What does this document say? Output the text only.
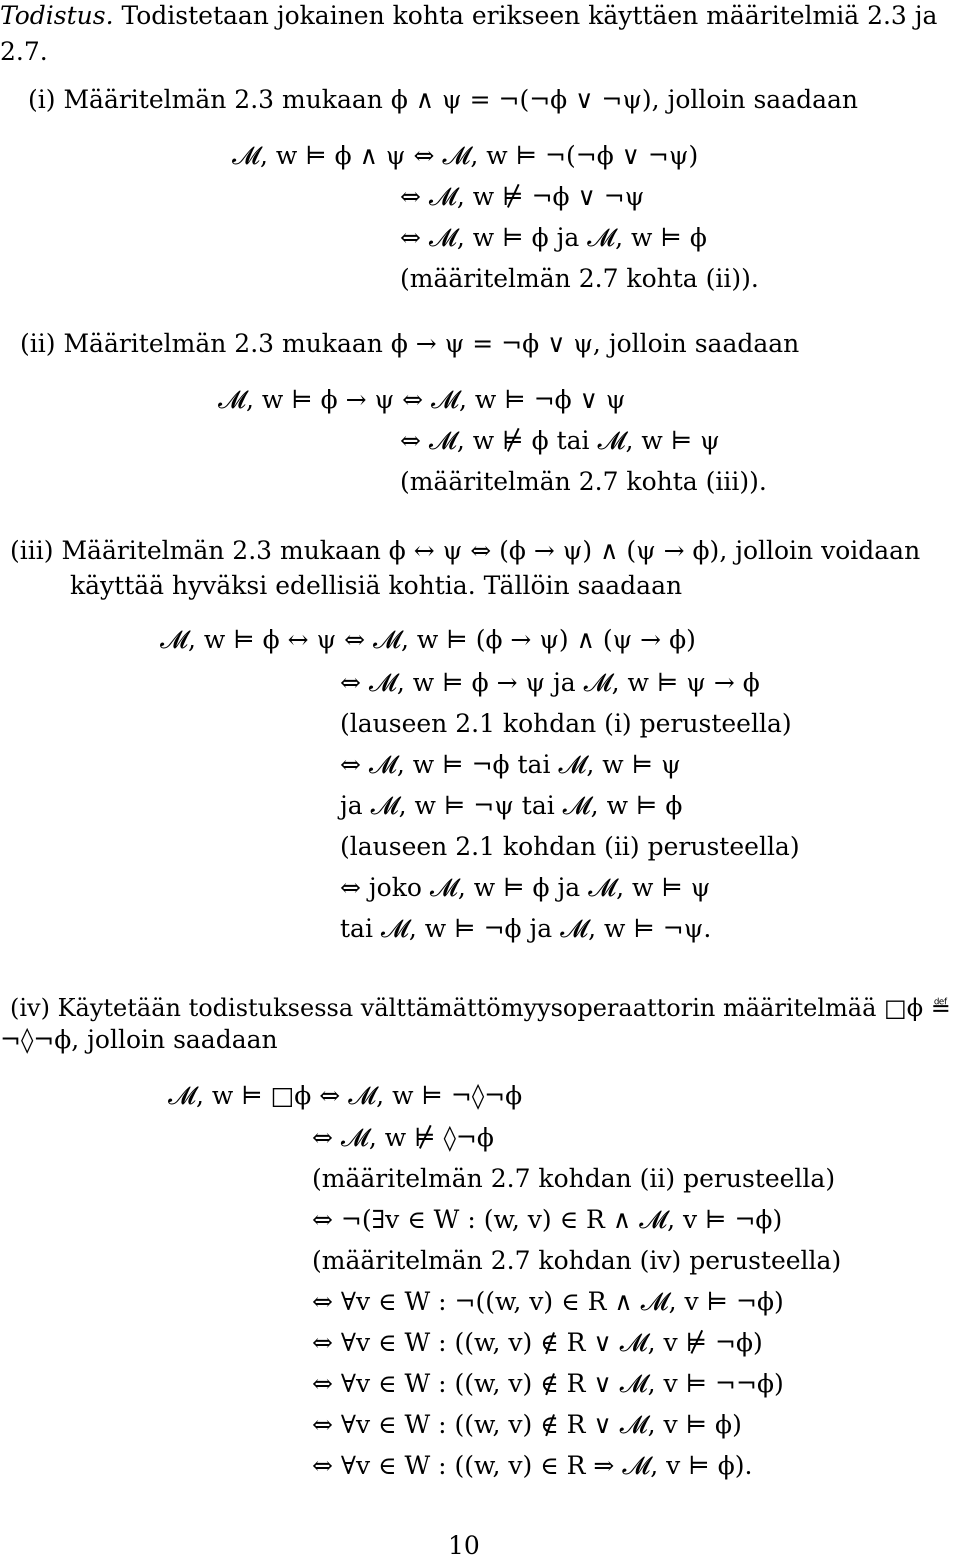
Todistus. Todistetaan jokainen kohta erikseen käyttäen määritelmiä 2.3 ja
2.7.
(i) Määritelmän 2.3 mukaan ϕ ∧ ψ = ¬(¬ϕ ∨ ¬ψ), jolloin saadaan
𝓜, w ⊨ ϕ ∧ ψ ⇔ 𝓜, w ⊨ ¬(¬ϕ ∨ ¬ψ)
⇔ 𝓜, w ⊭ ¬ϕ ∨ ¬ψ
⇔ 𝓜, w ⊨ ϕ ja 𝓜, w ⊨ ϕ
(määritelmän 2.7 kohta (ii)).
(ii) Määritelmän 2.3 mukaan ϕ → ψ = ¬ϕ ∨ ψ, jolloin saadaan
𝓜, w ⊨ ϕ → ψ ⇔ 𝓜, w ⊨ ¬ϕ ∨ ψ
⇔ 𝓜, w ⊭ ϕ tai 𝓜, w ⊨ ψ
(määritelmän 2.7 kohta (iii)).
(iii) Määritelmän 2.3 mukaan ϕ ↔ ψ ⇔ (ϕ → ψ) ∧ (ψ → ϕ), jolloin voidaan
käyttää hyväksi edellisiä kohtia. Tällöin saadaan
𝓜, w ⊨ ϕ ↔ ψ ⇔ 𝓜, w ⊨ (ϕ → ψ) ∧ (ψ → ϕ)
⇔ 𝓜, w ⊨ ϕ → ψ ja 𝓜, w ⊨ ψ → ϕ
(lauseen 2.1 kohdan (i) perusteella)
⇔ 𝓜, w ⊨ ¬ϕ tai 𝓜, w ⊨ ψ
ja 𝓜, w ⊨ ¬ψ tai 𝓜, w ⊨ ϕ
(lauseen 2.1 kohdan (ii) perusteella)
⇔ joko 𝓜, w ⊨ ϕ ja 𝓜, w ⊨ ψ
tai 𝓜, w ⊨ ¬ϕ ja 𝓜, w ⊨ ¬ψ.
(iv) Käytetään todistuksessa välttämättömyysoperaattorin määritelmää □ϕ ≝
¬◊¬ϕ, jolloin saadaan
𝓜, w ⊨ □ϕ ⇔ 𝓜, w ⊨ ¬◊¬ϕ
⇔ 𝓜, w ⊭ ◊¬ϕ
(määritelmän 2.7 kohdan (ii) perusteella)
⇔ ¬(∃v ∈ W : (w, v) ∈ R ∧ 𝓜, v ⊨ ¬ϕ)
(määritelmän 2.7 kohdan (iv) perusteella)
⇔ ∀v ∈ W : ¬((w, v) ∈ R ∧ 𝓜, v ⊨ ¬ϕ)
⇔ ∀v ∈ W : ((w, v) ∉ R ∨ 𝓜, v ⊭ ¬ϕ)
⇔ ∀v ∈ W : ((w, v) ∉ R ∨ 𝓜, v ⊨ ¬¬ϕ)
⇔ ∀v ∈ W : ((w, v) ∉ R ∨ 𝓜, v ⊨ ϕ)
⇔ ∀v ∈ W : ((w, v) ∈ R ⇒ 𝓜, v ⊨ ϕ).
10
